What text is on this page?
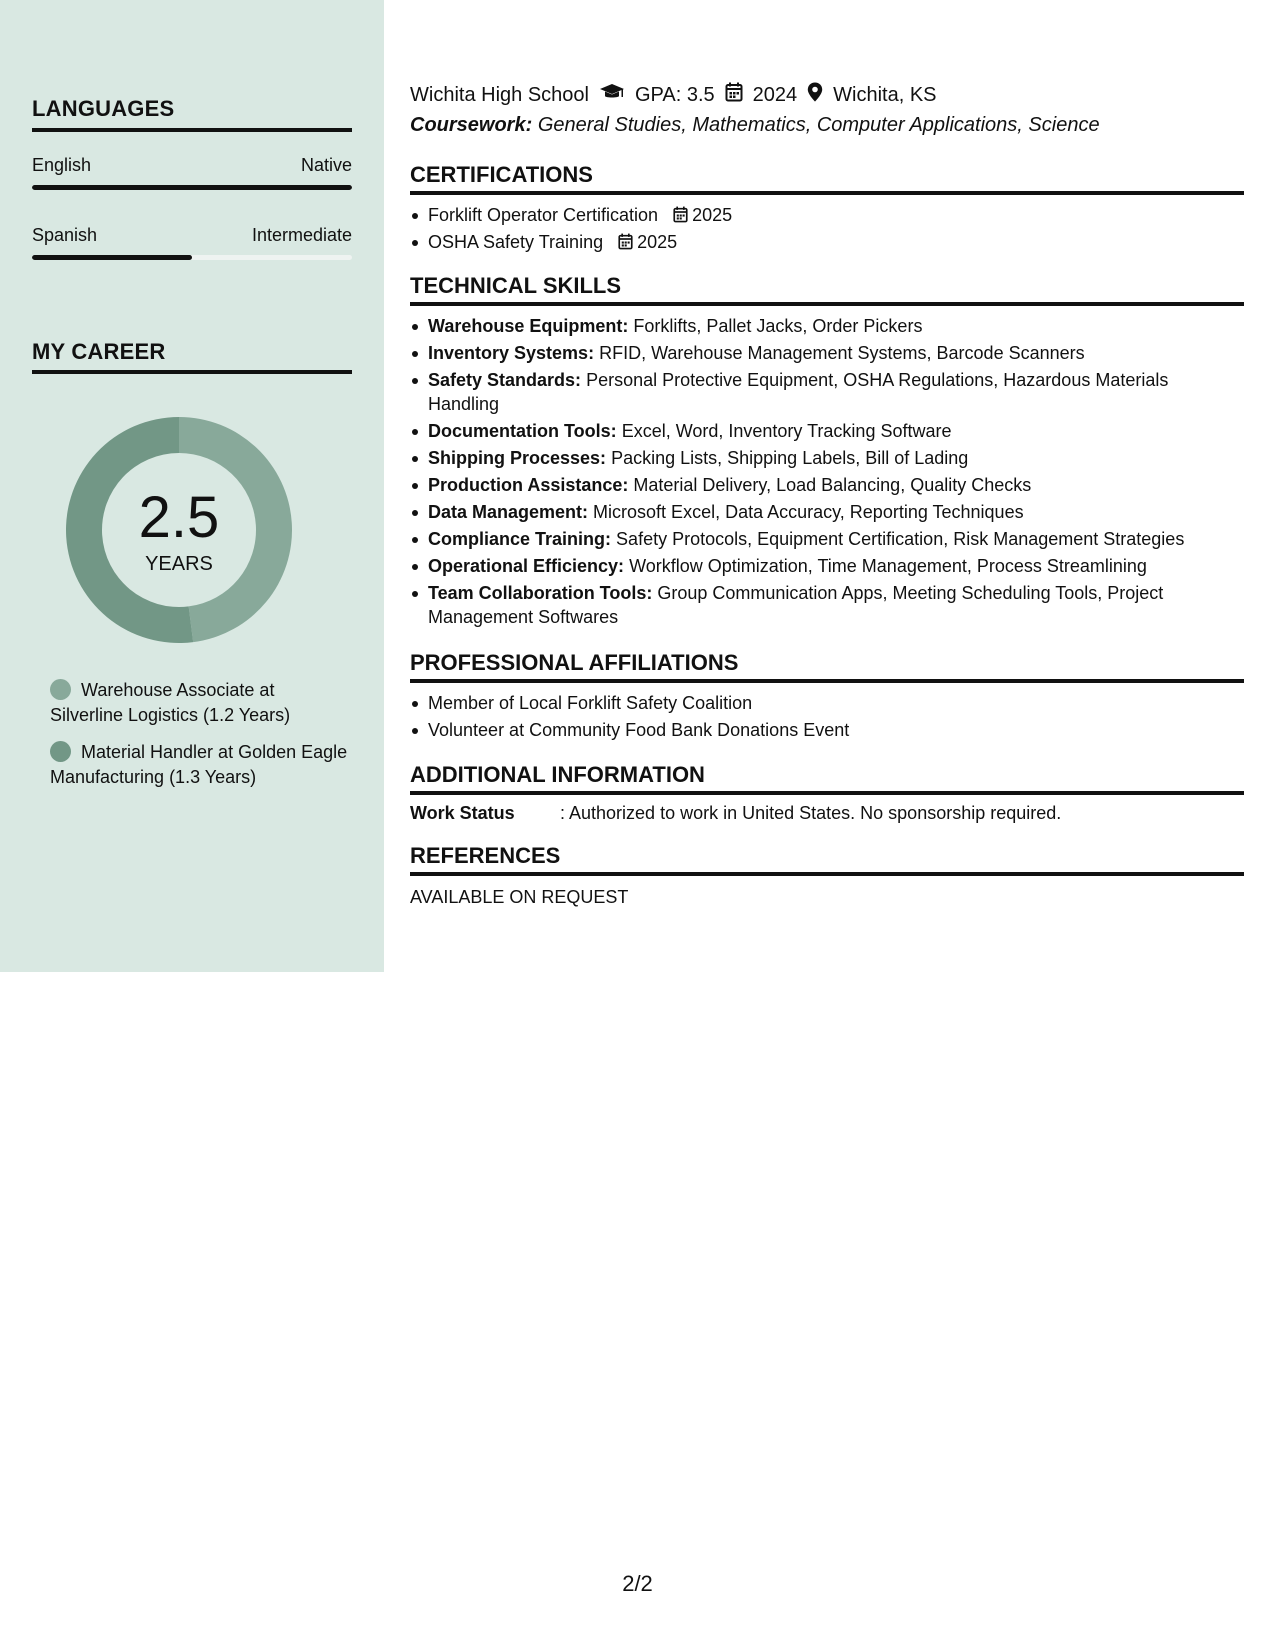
LANGUAGES
English	Native
Spanish	Intermediate
MY CAREER
2.5
YEARS
Warehouse Associate at Silverline Logistics (1.2 Years)
Material Handler at Golden Eagle Manufacturing (1.3 Years)
Wichita High School GPA: 3.5 2024 Wichita, KS
Coursework: General Studies, Mathematics, Computer Applications, Science
CERTIFICATIONS
Forklift Operator Certification 2025
OSHA Safety Training 2025
TECHNICAL SKILLS
Warehouse Equipment: Forklifts, Pallet Jacks, Order Pickers
Inventory Systems: RFID, Warehouse Management Systems, Barcode Scanners
Safety Standards: Personal Protective Equipment, OSHA Regulations, Hazardous Materials Handling
Documentation Tools: Excel, Word, Inventory Tracking Software
Shipping Processes: Packing Lists, Shipping Labels, Bill of Lading
Production Assistance: Material Delivery, Load Balancing, Quality Checks
Data Management: Microsoft Excel, Data Accuracy, Reporting Techniques
Compliance Training: Safety Protocols, Equipment Certification, Risk Management Strategies
Operational Efficiency: Workflow Optimization, Time Management, Process Streamlining
Team Collaboration Tools: Group Communication Apps, Meeting Scheduling Tools, Project Management Softwares
PROFESSIONAL AFFILIATIONS
Member of Local Forklift Safety Coalition
Volunteer at Community Food Bank Donations Event
ADDITIONAL INFORMATION
Work Status	: Authorized to work in United States. No sponsorship required.
REFERENCES
AVAILABLE ON REQUEST
2/2
